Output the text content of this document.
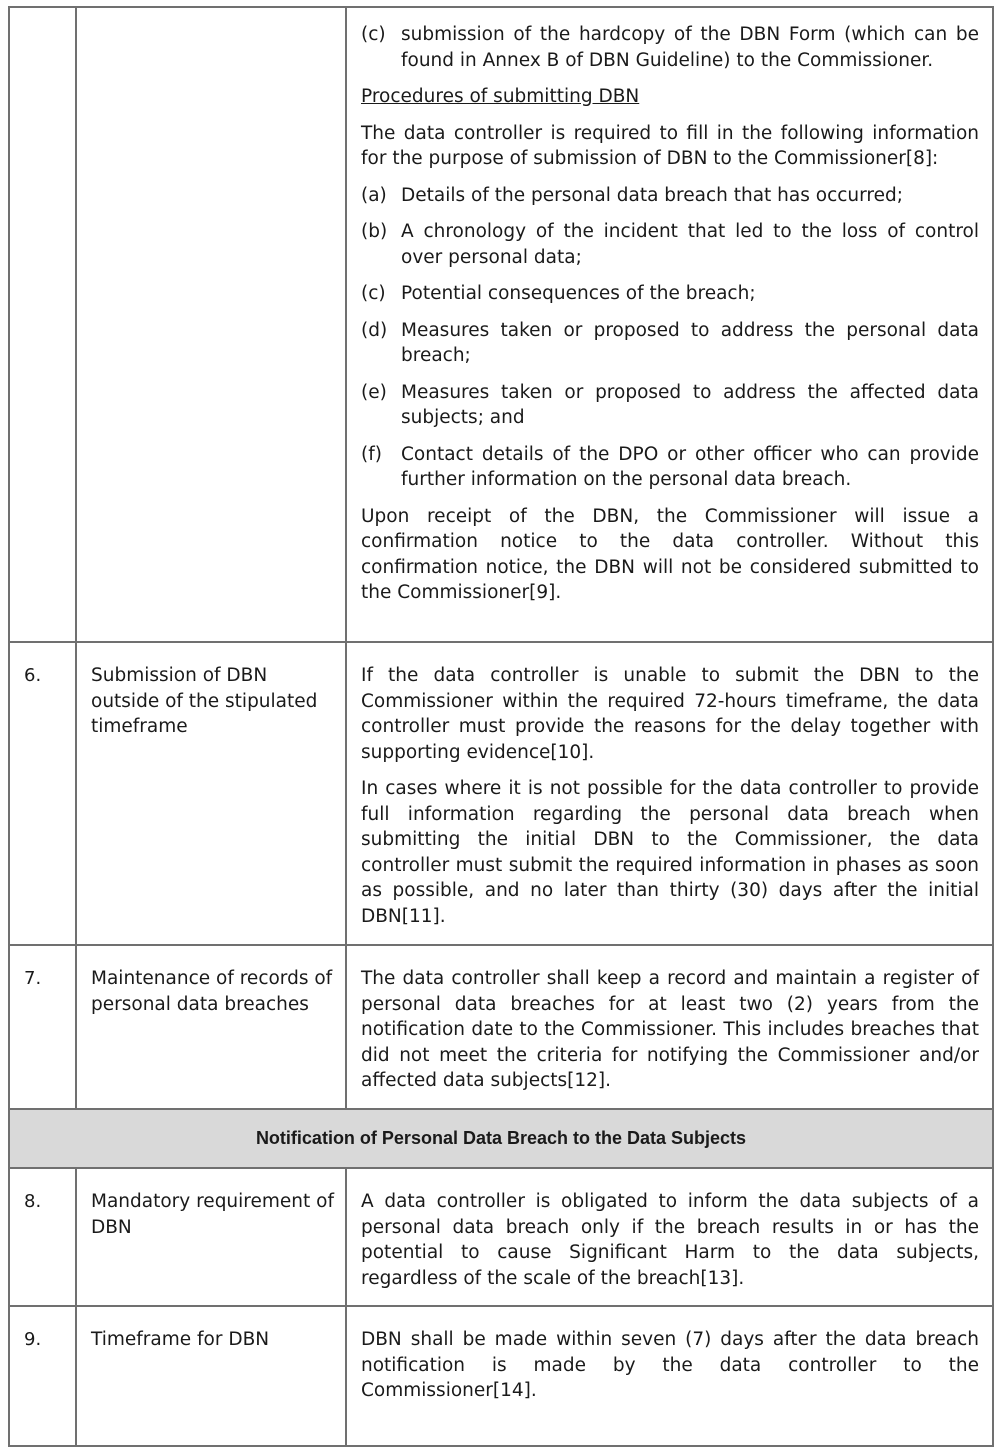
(c) submission of the hardcopy of the DBN Form (which can be found in Annex B of DBN Guideline) to the Commissioner.

Procedures of submitting DBN

The data controller is required to fill in the following information for the purpose of submission of DBN to the Commissioner[8]:

(a) Details of the personal data breach that has occurred;
(b) A chronology of the incident that led to the loss of control over personal data;
(c) Potential consequences of the breach;
(d) Measures taken or proposed to address the personal data breach;
(e) Measures taken or proposed to address the affected data subjects; and
(f)	Contact details of the DPO or other officer who can provide further information on the personal data breach.

Upon receipt of the DBN, the Commissioner will issue a confirmation notice to the data controller. Without this confirmation notice, the DBN will not be considered submitted to the Commissioner[9].

6.	Submission of DBN outside of the stipulated timeframe	If the data controller is unable to submit the DBN to the Commissioner within the required 72-hours timeframe, the data controller must provide the reasons for the delay together with supporting evidence[10].

In cases where it is not possible for the data controller to provide full information regarding the personal data breach when submitting the initial DBN to the Commissioner, the data controller must submit the required information in phases as soon as possible, and no later than thirty (30) days after the initial DBN[11].

7.	Maintenance of records of personal data breaches	The data controller shall keep a record and maintain a register of personal data breaches for at least two (2) years from the notification date to the Commissioner. This includes breaches that did not meet the criteria for notifying the Commissioner and/or affected data subjects[12].

Notification of Personal Data Breach to the Data Subjects		
8.	Mandatory requirement of DBN	A data controller is obligated to inform the data subjects of a personal data breach only if the breach results in or has the potential to cause Significant Harm to the data subjects, regardless of the scale of the breach[13].

9.	Timeframe for DBN	DBN shall be made within seven (7) days after the data breach notification is made by the data controller to the Commissioner[14].
